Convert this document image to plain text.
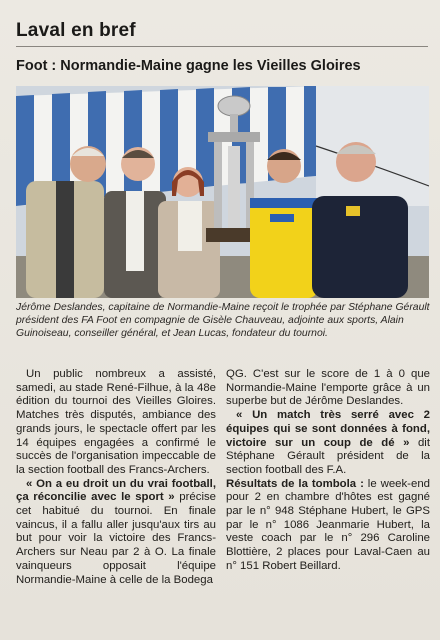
Laval en bref
Foot : Normandie-Maine gagne les Vieilles Gloires
Jérôme Deslandes, capitaine de Normandie-Maine reçoit le trophée par Stéphane Gérault président des FA Foot en compagnie de Gisèle Chauveau, adjointe aux sports, Alain Guinoiseau, conseiller général, et Jean Lucas, fondateur du tournoi.

Un public nombreux a assisté, samedi, au stade René-Filhue, à la 48e édition du tournoi des Vieilles Gloires. Matches très disputés, ambiance des grands jours, le spectacle offert par les 14 équipes engagées a confirmé le succès de l'organisation impeccable de la section football des Francs-Archers.

« On a eu droit un du vrai football, ça réconcilie avec le sport » précise cet habitué du tournoi. En finale vaincus, il a fallu aller jusqu'aux tirs au but pour voir la victoire des Francs-Archers sur Neau par 2 à O. La finale vainqueurs opposait l'équipe Normandie-Maine à celle de la Bodega

QG. C'est sur le score de 1 à 0 que Normandie-Maine l'emporte grâce à un superbe but de Jérôme Deslandes.

« Un match très serré avec 2 équipes qui se sont données à fond, victoire sur un coup de dé » dit Stéphane Gérault président de la section football des F.A.

Résultats de la tombola : le week-end pour 2 en chambre d'hôtes est gagné par le n° 948 Stéphane Hubert, le GPS par le n° 1086 Jeanmarie Hubert, la veste coach par le n° 296 Caroline Blottière, 2 places pour Laval-Caen au n° 151 Robert Beillard.
